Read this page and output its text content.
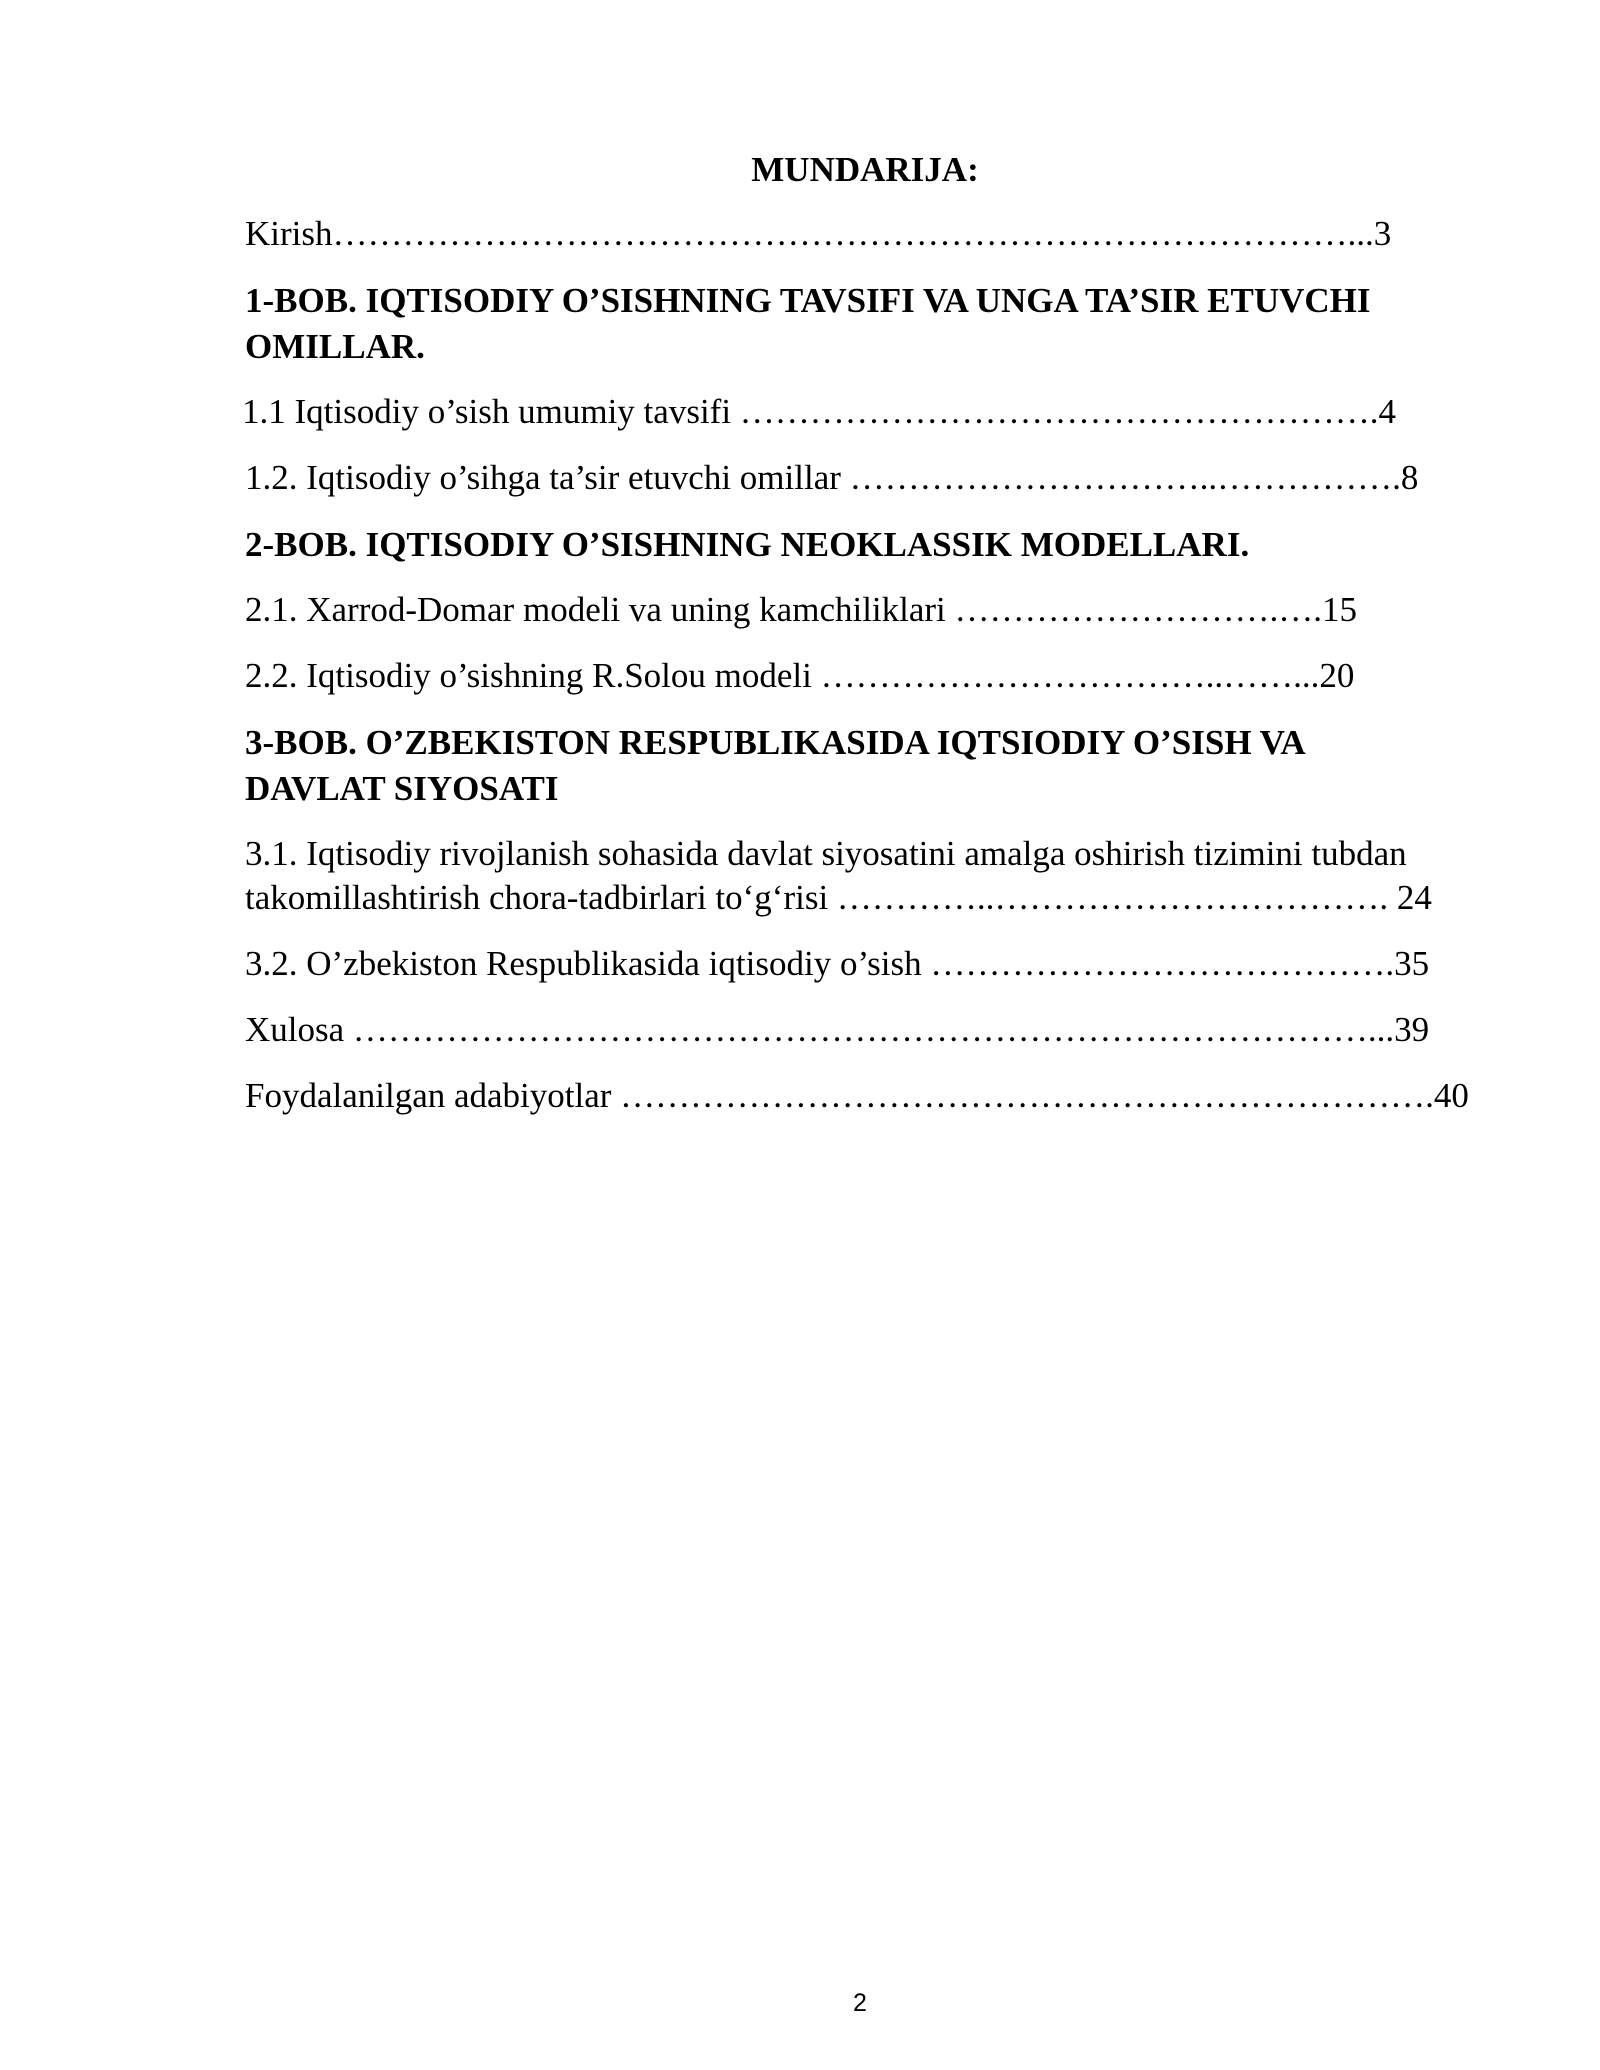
MUNDARIJA:

Kirish……………………………………………………………………………...3

1-BOB. IQTISODIY O’SISHNING TAVSIFI VA UNGA TA’SIR ETUVCHI
OMILLAR.

1.1 Iqtisodiy o’sish umumiy tavsifi ……………………………………………….4

1.2. Iqtisodiy o’sihga ta’sir etuvchi omillar …………………………..…………….8

2-BOB. IQTISODIY O’SISHNING NEOKLASSIK MODELLARI.

2.1. Xarrod-Domar modeli va uning kamchiliklari ……………………….….15

2.2. Iqtisodiy o’sishning R.Solou modeli ……………………………..……...20

3-BOB. O’ZBEKISTON RESPUBLIKASIDA IQTSIODIY O’SISH VA
DAVLAT SIYOSATI

3.1. Iqtisodiy rivojlanish sohasida davlat siyosatini amalga oshirish tizimini tubdan

takomillashtirish chora-tadbirlari to‘g‘risi …………..……………………………. 24

3.2. O’zbekiston Respublikasida iqtisodiy o’sish ………………………………….35

Xulosa ……………………………………………………………………………...39

Foydalanilgan adabiyotlar …………………………………………………………….40

2
